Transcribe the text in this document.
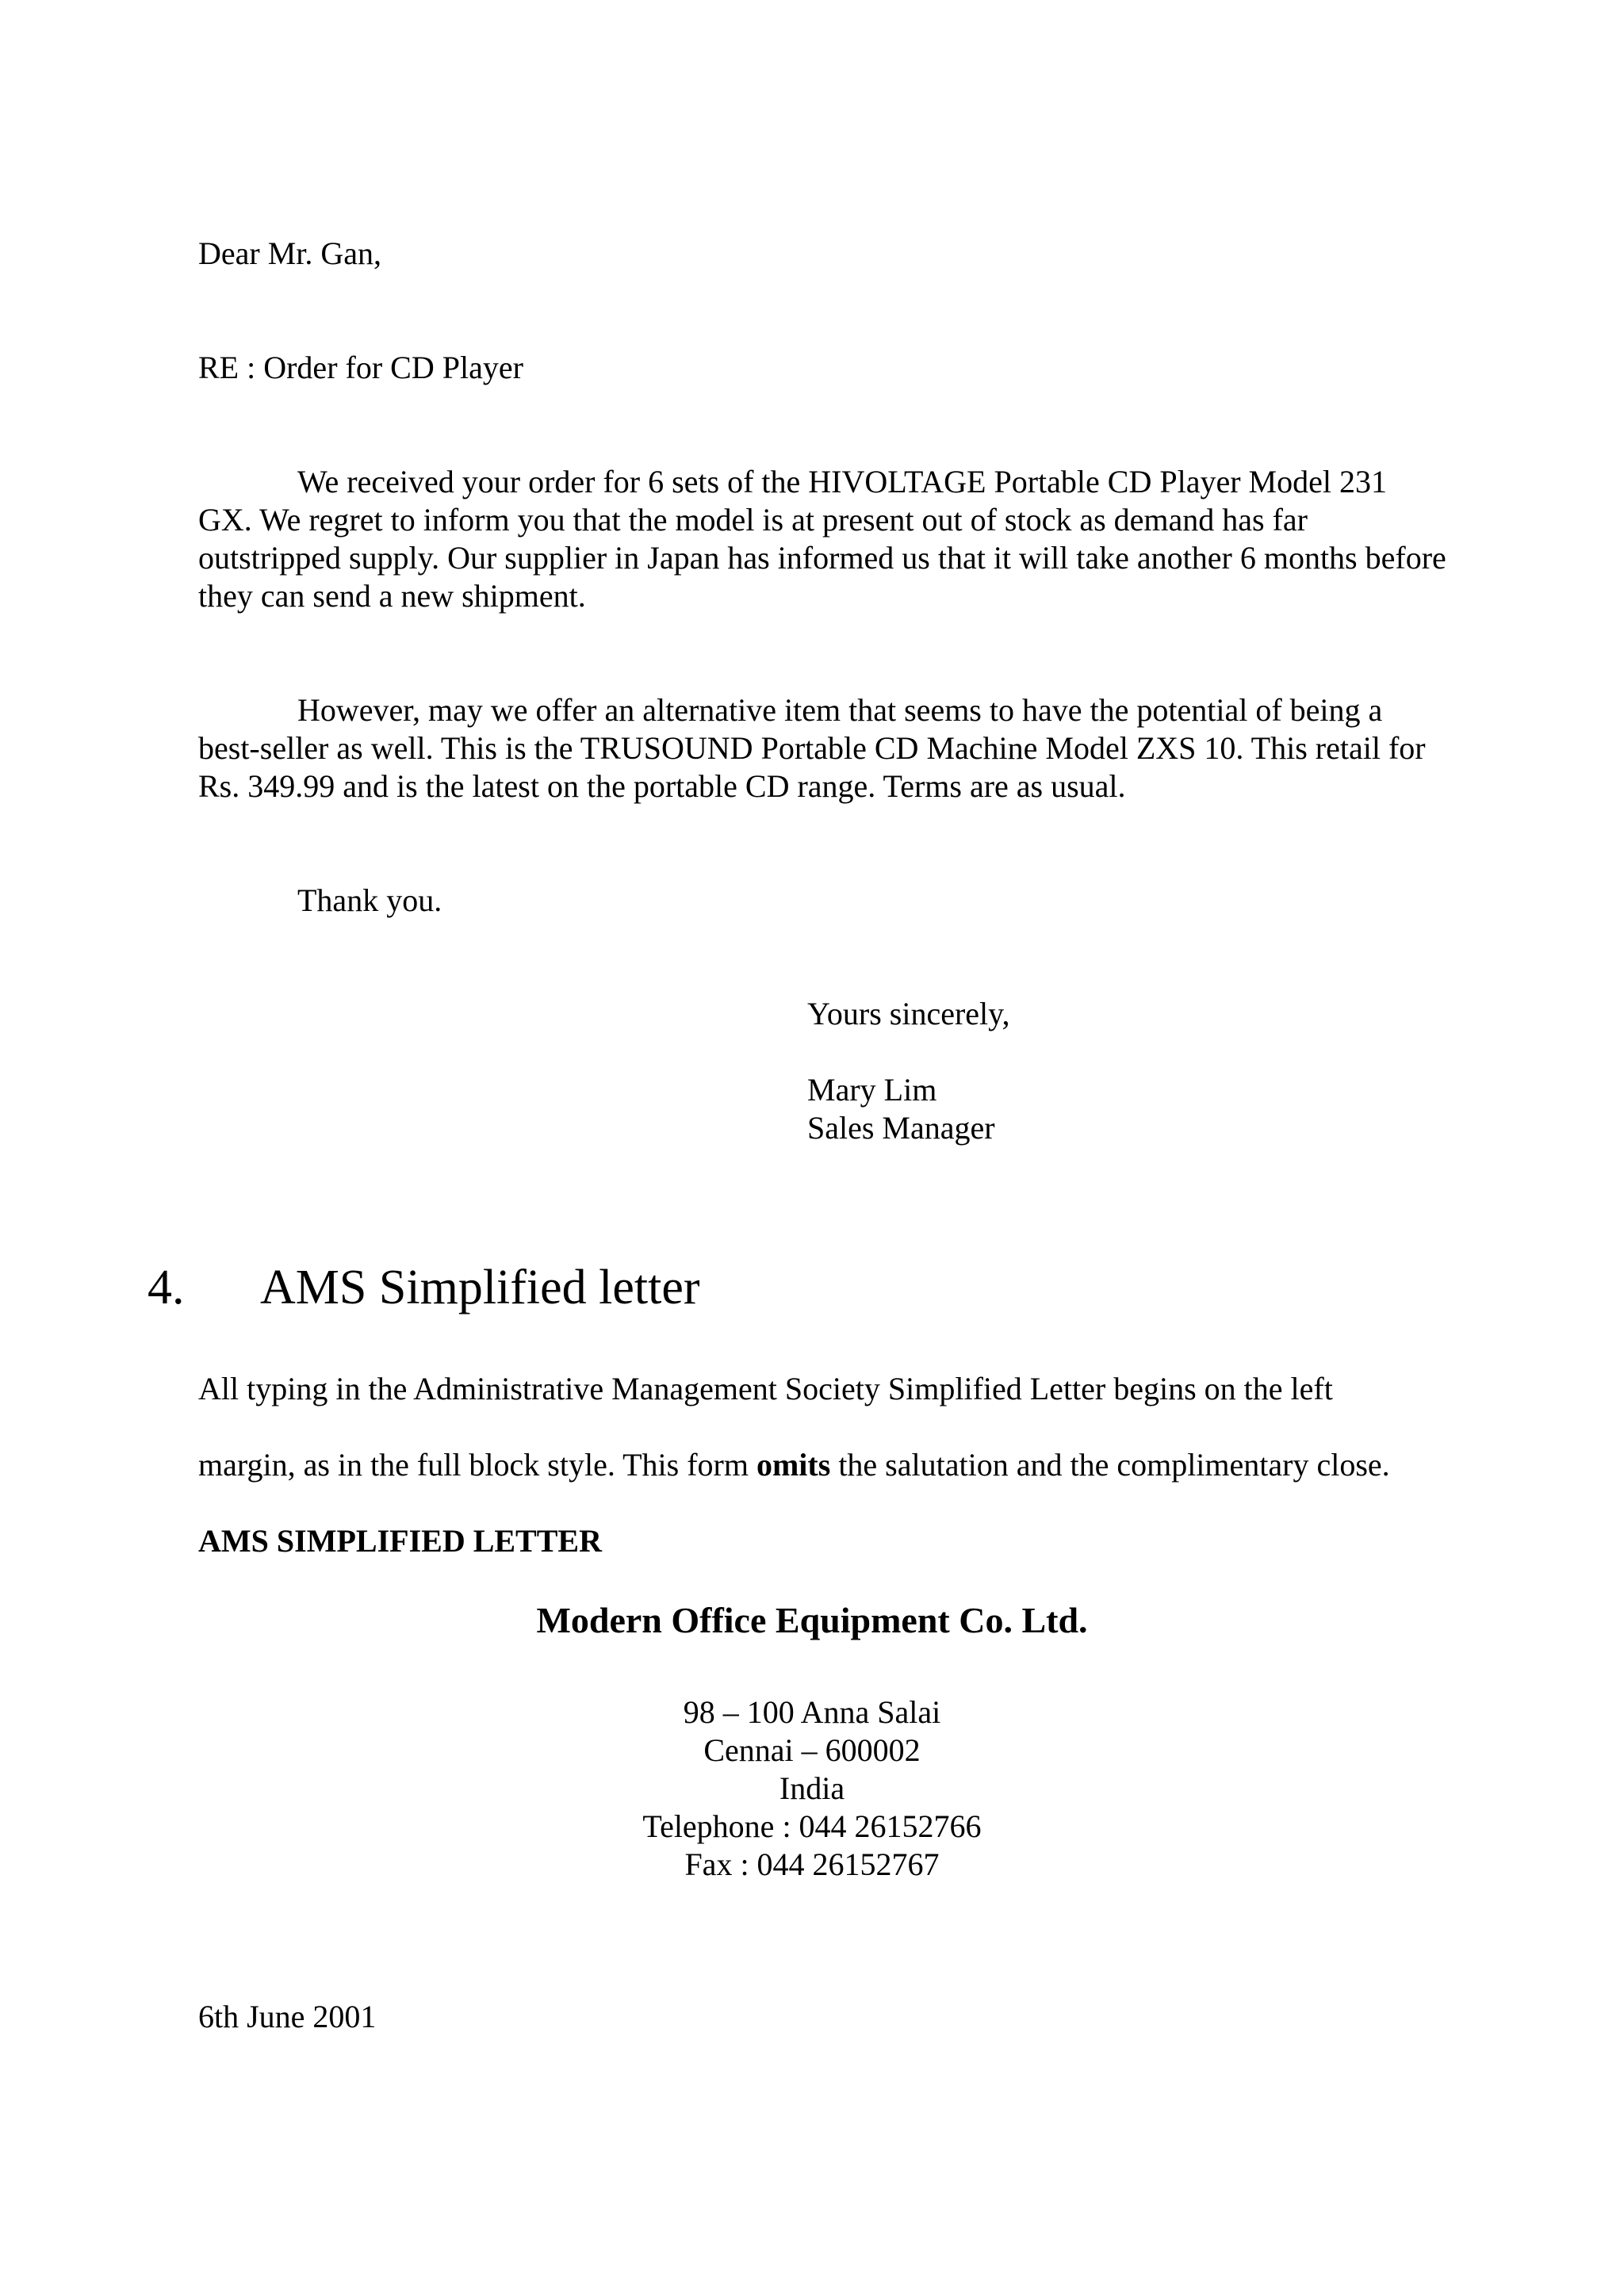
Dear Mr. Gan,

RE : Order for CD Player

We received your order for 6 sets of the HIVOLTAGE Portable CD Player Model 231 GX. We regret to inform you that the model is at present out of stock as demand has far outstripped supply. Our supplier in Japan has informed us that it will take another 6 months before they can send a new shipment.

However, may we offer an alternative item that seems to have the potential of being a best-seller as well. This is the TRUSOUND Portable CD Machine Model ZXS 10. This retail for Rs. 349.99 and is the latest on the portable CD range. Terms are as usual.

Thank you.

Yours sincerely,

Mary Lim

Sales Manager

4. AMS Simplified letter

All typing in the Administrative Management Society Simplified Letter begins on the left

margin, as in the full block style. This form omits the salutation and the complimentary close.

AMS SIMPLIFIED LETTER

Modern Office Equipment Co. Ltd.

98 – 100 Anna Salai
Cennai – 600002
India
Telephone : 044 26152766
Fax : 044 26152767

6th June 2001
